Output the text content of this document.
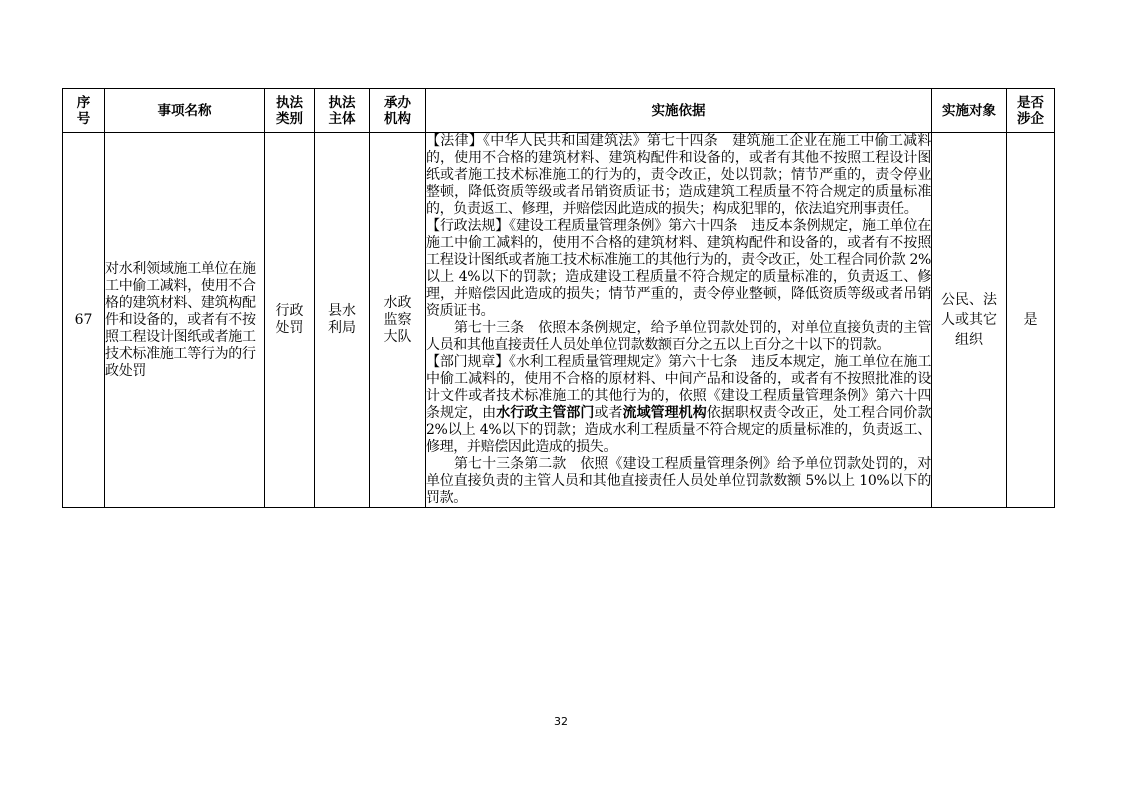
序号	事项名称	执法类别	执法主体	承办机构	实施依据	实施对象	是否涉企

67	对水利领域施工单位在施工中偷工减料，使用不合格的建筑材料、建筑构配件和设备的，或者有不按照工程设计图纸或者施工技术标准施工等行为的行政处罚	行政处罚	县水利局	水政监察大队	【法律】《中华人民共和国建筑法》第七十四条　建筑施工企业在施工中偷工减料的，使用不合格的建筑材料、建筑构配件和设备的，或者有其他不按照工程设计图纸或者施工技术标准施工的行为的，责令改正，处以罚款；情节严重的，责令停业整顿，降低资质等级或者吊销资质证书；造成建筑工程质量不符合规定的质量标准的，负责返工、修理，并赔偿因此造成的损失；构成犯罪的，依法追究刑事责任。

【行政法规】《建设工程质量管理条例》第六十四条　违反本条例规定，施工单位在施工中偷工减料的，使用不合格的建筑材料、建筑构配件和设备的，或者有不按照工程设计图纸或者施工技术标准施工的其他行为的，责令改正，处工程合同价款 2%以上 4%以下的罚款；造成建设工程质量不符合规定的质量标准的，负责返工、修理，并赔偿因此造成的损失；情节严重的，责令停业整顿，降低资质等级或者吊销资质证书。

第七十三条　依照本条例规定，给予单位罚款处罚的，对单位直接负责的主管人员和其他直接责任人员处单位罚款数额百分之五以上百分之十以下的罚款。

【部门规章】《水利工程质量管理规定》第六十七条　违反本规定，施工单位在施工中偷工减料的，使用不合格的原材料、中间产品和设备的，或者有不按照批准的设计文件或者技术标准施工的其他行为的，依照《建设工程质量管理条例》第六十四条规定，由水行政主管部门或者流域管理机构依据职权责令改正，处工程合同价款 2%以上 4%以下的罚款；造成水利工程质量不符合规定的质量标准的，负责返工、修理，并赔偿因此造成的损失。

第七十三条第二款　依照《建设工程质量管理条例》给予单位罚款处罚的，对单位直接负责的主管人员和其他直接责任人员处单位罚款数额 5%以上 10%以下的罚款。	公民、法人或其它组织	是
32
